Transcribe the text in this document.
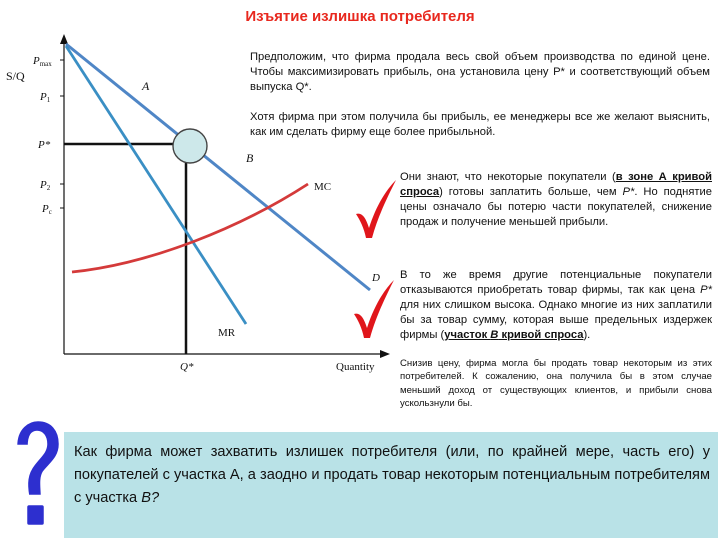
Изъятие излишка потребителя
S/Q
Pmax
P1
P*
P2
Pc
A
B
MC
D
MR
Q*	Quantity

Предположим, что фирма продала весь свой объем производства по единой цене. Чтобы максимизировать прибыль, она установила цену Р* и соответствующий объем выпуска Q*.

Хотя фирма при этом получила бы прибыль, ее менеджеры все же желают выяснить, как им сделать фирму еще более прибыльной.

Они знают, что некоторые покупатели (в зоне А кривой спроса) готовы заплатить больше, чем P*. Но поднятие цены означало бы потерю части покупателей, снижение продаж и получение меньшей прибыли.

В то же время другие потенциальные покупатели отказываются приобретать товар фирмы, так как цена Р* для них слишком высока. Однако многие из них заплатили бы за товар сумму, которая выше предельных издержек фирмы (участок В кривой спроса).

Снизив цену, фирма могла бы продать товар некоторым из этих потребителей. К сожалению, она получила бы в этом случае меньший доход от существующих клиентов, и прибыли снова ускользнули бы.

Как фирма может захватить излишек потребителя (или, по крайней мере, часть его) у покупателей с участка А, а заодно и продать товар некоторым потенциальным потребителям с участка В?
